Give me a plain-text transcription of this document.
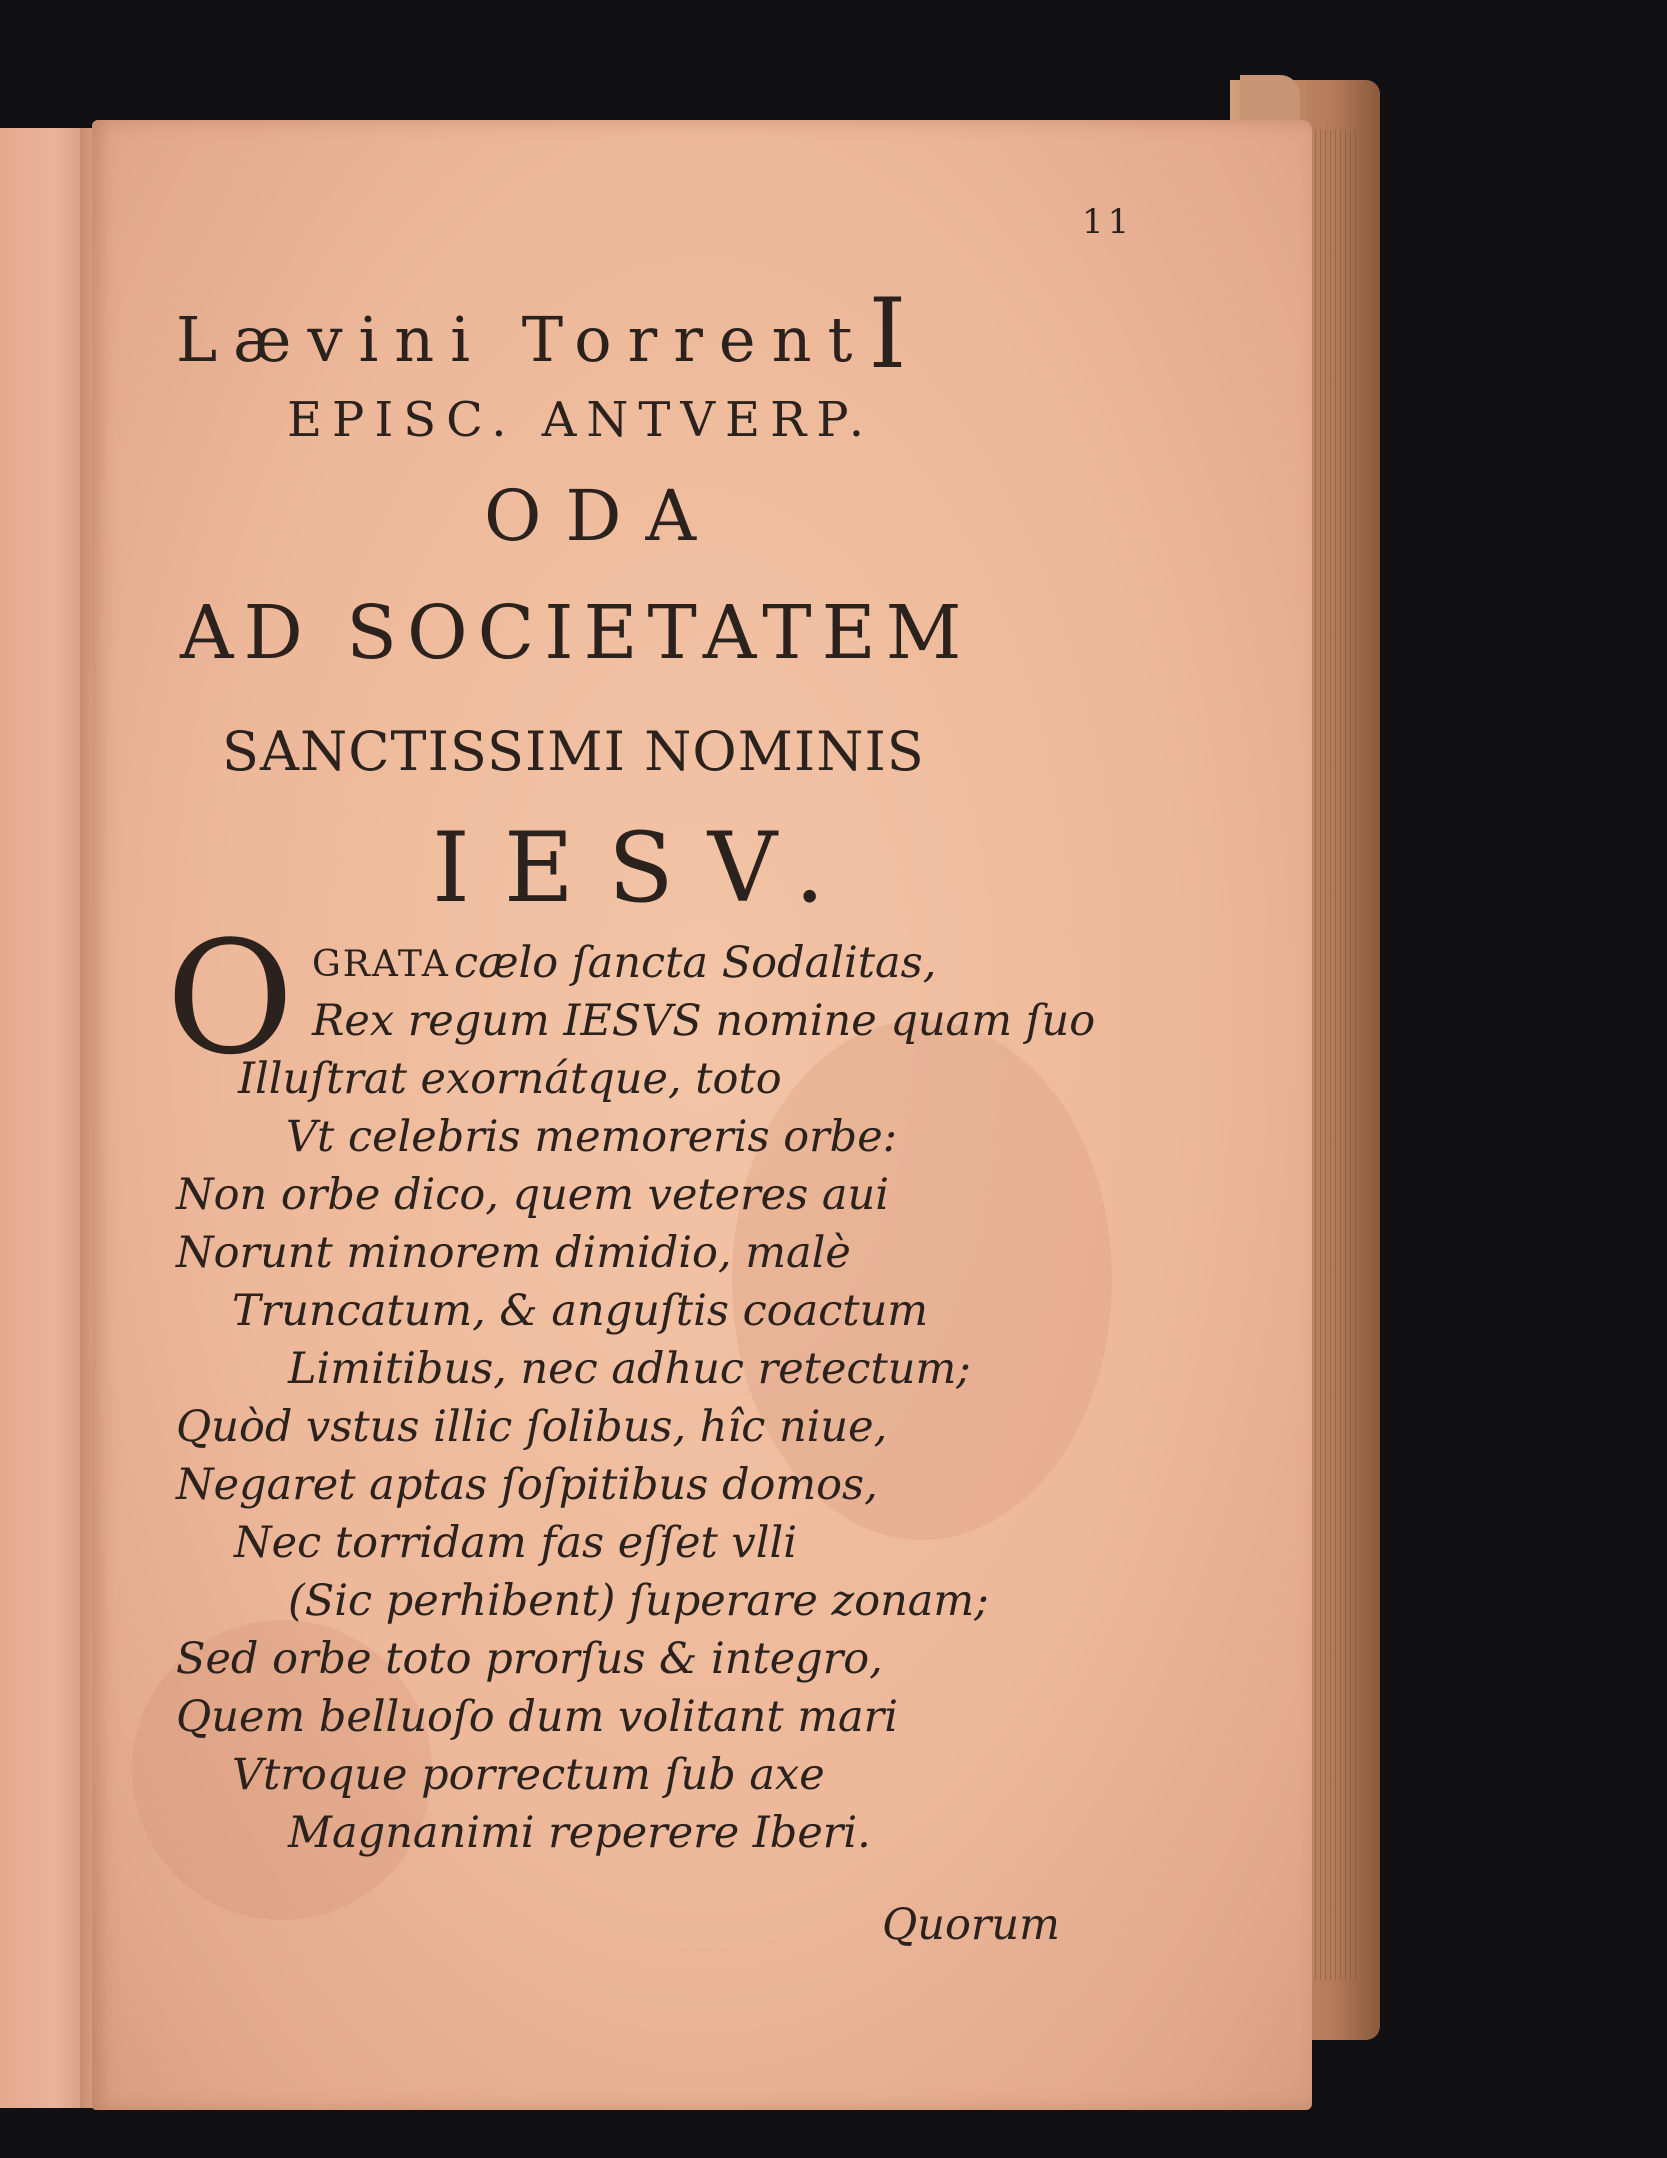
11
Lævini TorrentI
EPISC. ANTVERP.
ODA
AD SOCIETATEM
SANCTISSIMI NOMINIS
IESV.
O GRATA cælo ſancta Sodalitas,
Rex regum IESVS nomine quam ſuo
Illuſtrat exornátque, toto
Vt celebris memoreris orbe:
Non orbe dico, quem veteres aui
Norunt minorem dimidio, malè
Truncatum, & anguſtis coactum
Limitibus, nec adhuc retectum;
Quòd vstus illic ſolibus, hîc niue,
Negaret aptas ſoſpitibus domos,
Nec torridam fas eſſet vlli
(Sic perhibent) ſuperare zonam;
Sed orbe toto prorſus & integro,
Quem belluoſo dum volitant mari
Vtroque porrectum ſub axe
Magnanimi reperere Iberi.
Quorum
